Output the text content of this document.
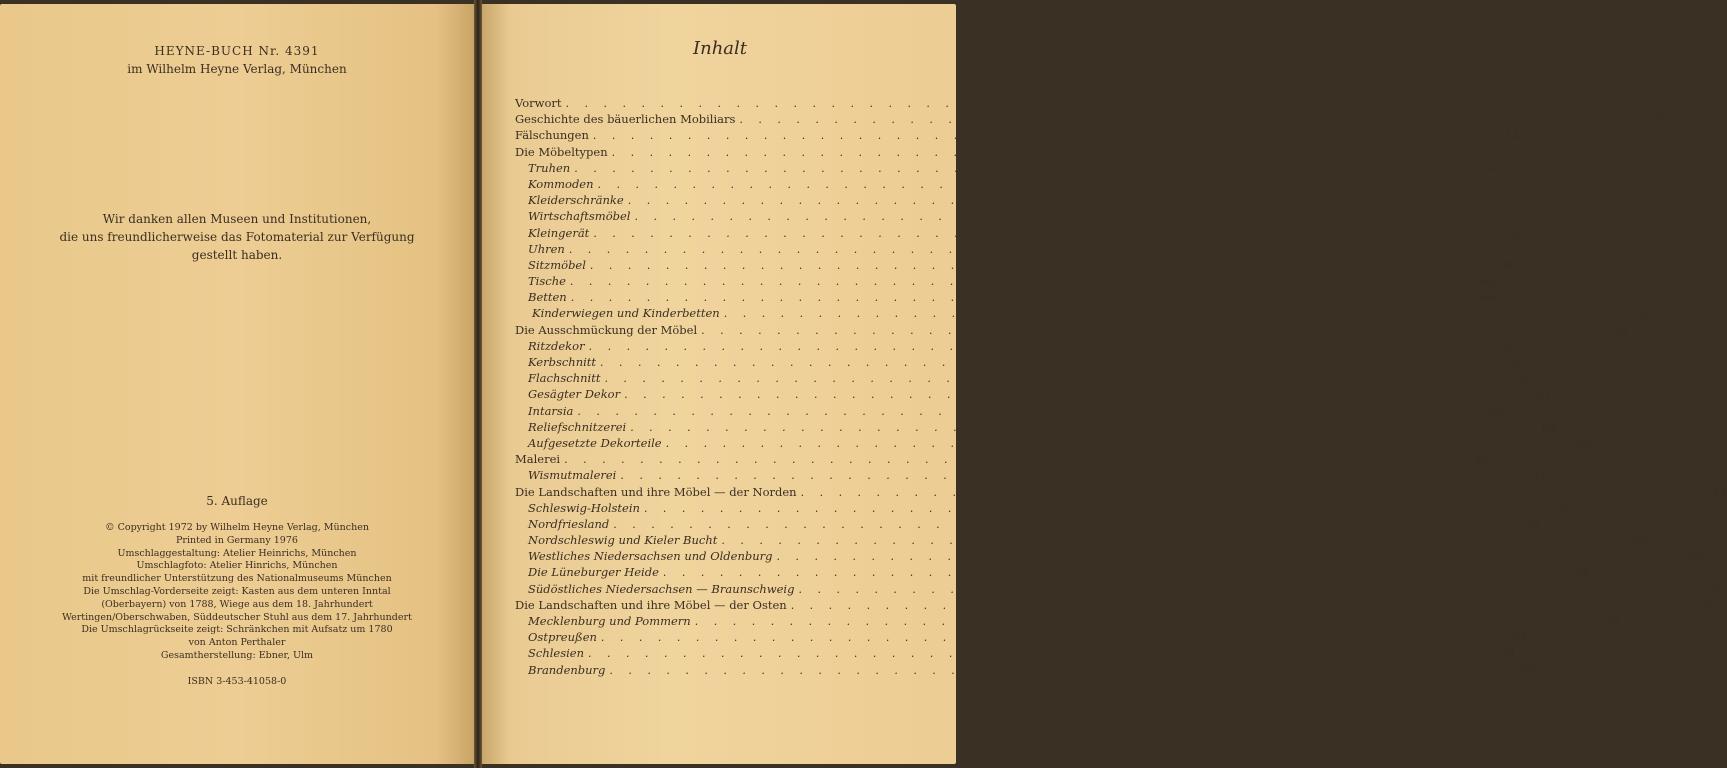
HEYNE-BUCH Nr. 4391
im Wilhelm Heyne Verlag, München
Wir danken allen Museen und Institutionen,
die uns freundlicherweise das Fotomaterial zur Verfügung
gestellt haben.
5. Auflage
© Copyright 1972 by Wilhelm Heyne Verlag, München
Printed in Germany 1976
Umschlaggestaltung: Atelier Heinrichs, München
Umschlagfoto: Atelier Hinrichs, München
mit freundlicher Unterstützung des Nationalmuseums München
Die Umschlag-Vorderseite zeigt: Kasten aus dem unteren Inntal
(Oberbayern) von 1788, Wiege aus dem 18. Jahrhundert
Wertingen/Oberschwaben, Süddeutscher Stuhl aus dem 17. Jahrhundert
Die Umschlagrückseite zeigt: Schränkchen mit Aufsatz um 1780
von Anton Perthaler
Gesamtherstellung: Ebner, Ulm
ISBN 3-453-41058-0
Inhalt
Vorwort . . . . . . . . . . . . . . . . . . . . . . . . . . . . . . . . . . . . . . . . . . . . . . . .	7
Geschichte des bäuerlichen Mobiliars . . . . . . . . . . . . . . . . . . . . . . . . . . . . . . . . . . . . . . . . . . . . . . . .	9
Fälschungen . . . . . . . . . . . . . . . . . . . . . . . . . . . . . . . . . . . . . . . . . . . . . . . . 14
Die Möbeltypen . . . . . . . . . . . . . . . . . . . . . . . . . . . . . . . . . . . . . . . . . . . . . . . . 15
Truhen . . . . . . . . . . . . . . . . . . . . . . . . . . . . . . . . . . . . . . . . . . . . . . . . 16
Kommoden . . . . . . . . . . . . . . . . . . . . . . . . . . . . . . . . . . . . . . . . . . . . . . . . 22
Kleiderschränke . . . . . . . . . . . . . . . . . . . . . . . . . . . . . . . . . . . . . . . . . . . . . . . . 22
Wirtschaftsmöbel . . . . . . . . . . . . . . . . . . . . . . . . . . . . . . . . . . . . . . . . . . . . . . . . 27
Kleingerät . . . . . . . . . . . . . . . . . . . . . . . . . . . . . . . . . . . . . . . . . . . . . . . . 34
Uhren . . . . . . . . . . . . . . . . . . . . . . . . . . . . . . . . . . . . . . . . . . . . . . . . 35
Sitzmöbel . . . . . . . . . . . . . . . . . . . . . . . . . . . . . . . . . . . . . . . . . . . . . . . . 36
Tische . . . . . . . . . . . . . . . . . . . . . . . . . . . . . . . . . . . . . . . . . . . . . . . . 43
Betten . . . . . . . . . . . . . . . . . . . . . . . . . . . . . . . . . . . . . . . . . . . . . . . . 48
Kinderwiegen und Kinderbetten . . . . . . . . . . . . . . . . . . . . . . . . . . . . . . . . . . . . . . . . . . . . . . . . 53
Die Ausschmückung der Möbel . . . . . . . . . . . . . . . . . . . . . . . . . . . . . . . . . . . . . . . . . . . . . . . . 58
Ritzdekor . . . . . . . . . . . . . . . . . . . . . . . . . . . . . . . . . . . . . . . . . . . . . . . . 59
Kerbschnitt . . . . . . . . . . . . . . . . . . . . . . . . . . . . . . . . . . . . . . . . . . . . . . . . 61
Flachschnitt . . . . . . . . . . . . . . . . . . . . . . . . . . . . . . . . . . . . . . . . . . . . . . . . 62
Gesägter Dekor . . . . . . . . . . . . . . . . . . . . . . . . . . . . . . . . . . . . . . . . . . . . . . . . 63
Intarsia . . . . . . . . . . . . . . . . . . . . . . . . . . . . . . . . . . . . . . . . . . . . . . . . 63
Reliefschnitzerei . . . . . . . . . . . . . . . . . . . . . . . . . . . . . . . . . . . . . . . . . . . . . . . . 64
Aufgesetzte Dekorteile . . . . . . . . . . . . . . . . . . . . . . . . . . . . . . . . . . . . . . . . . . . . . . . . 65
Malerei . . . . . . . . . . . . . . . . . . . . . . . . . . . . . . . . . . . . . . . . . . . . . . . . 66
Wismutmalerei . . . . . . . . . . . . . . . . . . . . . . . . . . . . . . . . . . . . . . . . . . . . . . . . 71
Die Landschaften und ihre Möbel — der Norden . . . . . . . . . . . . . . . . . . . . . . . . . . . . . . . . . . . . . . . . . . . . . . . . 73
Schleswig-Holstein . . . . . . . . . . . . . . . . . . . . . . . . . . . . . . . . . . . . . . . . . . . . . . . . 73
Nordfriesland . . . . . . . . . . . . . . . . . . . . . . . . . . . . . . . . . . . . . . . . . . . . . . . . 75
Nordschleswig und Kieler Bucht . . . . . . . . . . . . . . . . . . . . . . . . . . . . . . . . . . . . . . . . . . . . . . . . 78
Westliches Niedersachsen und Oldenburg . . . . . . . . . . . . . . . . . . . . . . . . . . . . . . . . . . . . . . . . . . . . . . . . 79
Die Lüneburger Heide . . . . . . . . . . . . . . . . . . . . . . . . . . . . . . . . . . . . . . . . . . . . . . . . 82
Südöstliches Niedersachsen — Braunschweig . . . . . . . . . . . . . . . . . . . . . . . . . . . . . . . . . . . . . . . . . . . . . . . . 82
Die Landschaften und ihre Möbel — der Osten . . . . . . . . . . . . . . . . . . . . . . . . . . . . . . . . . . . . . . . . . . . . . . . . 85
Mecklenburg und Pommern . . . . . . . . . . . . . . . . . . . . . . . . . . . . . . . . . . . . . . . . . . . . . . . . 85
Ostpreußen . . . . . . . . . . . . . . . . . . . . . . . . . . . . . . . . . . . . . . . . . . . . . . . . 87
Schlesien . . . . . . . . . . . . . . . . . . . . . . . . . . . . . . . . . . . . . . . . . . . . . . . . 89
Brandenburg . . . . . . . . . . . . . . . . . . . . . . . . . . . . . . . . . . . . . . . . . . . . . . . . 90
